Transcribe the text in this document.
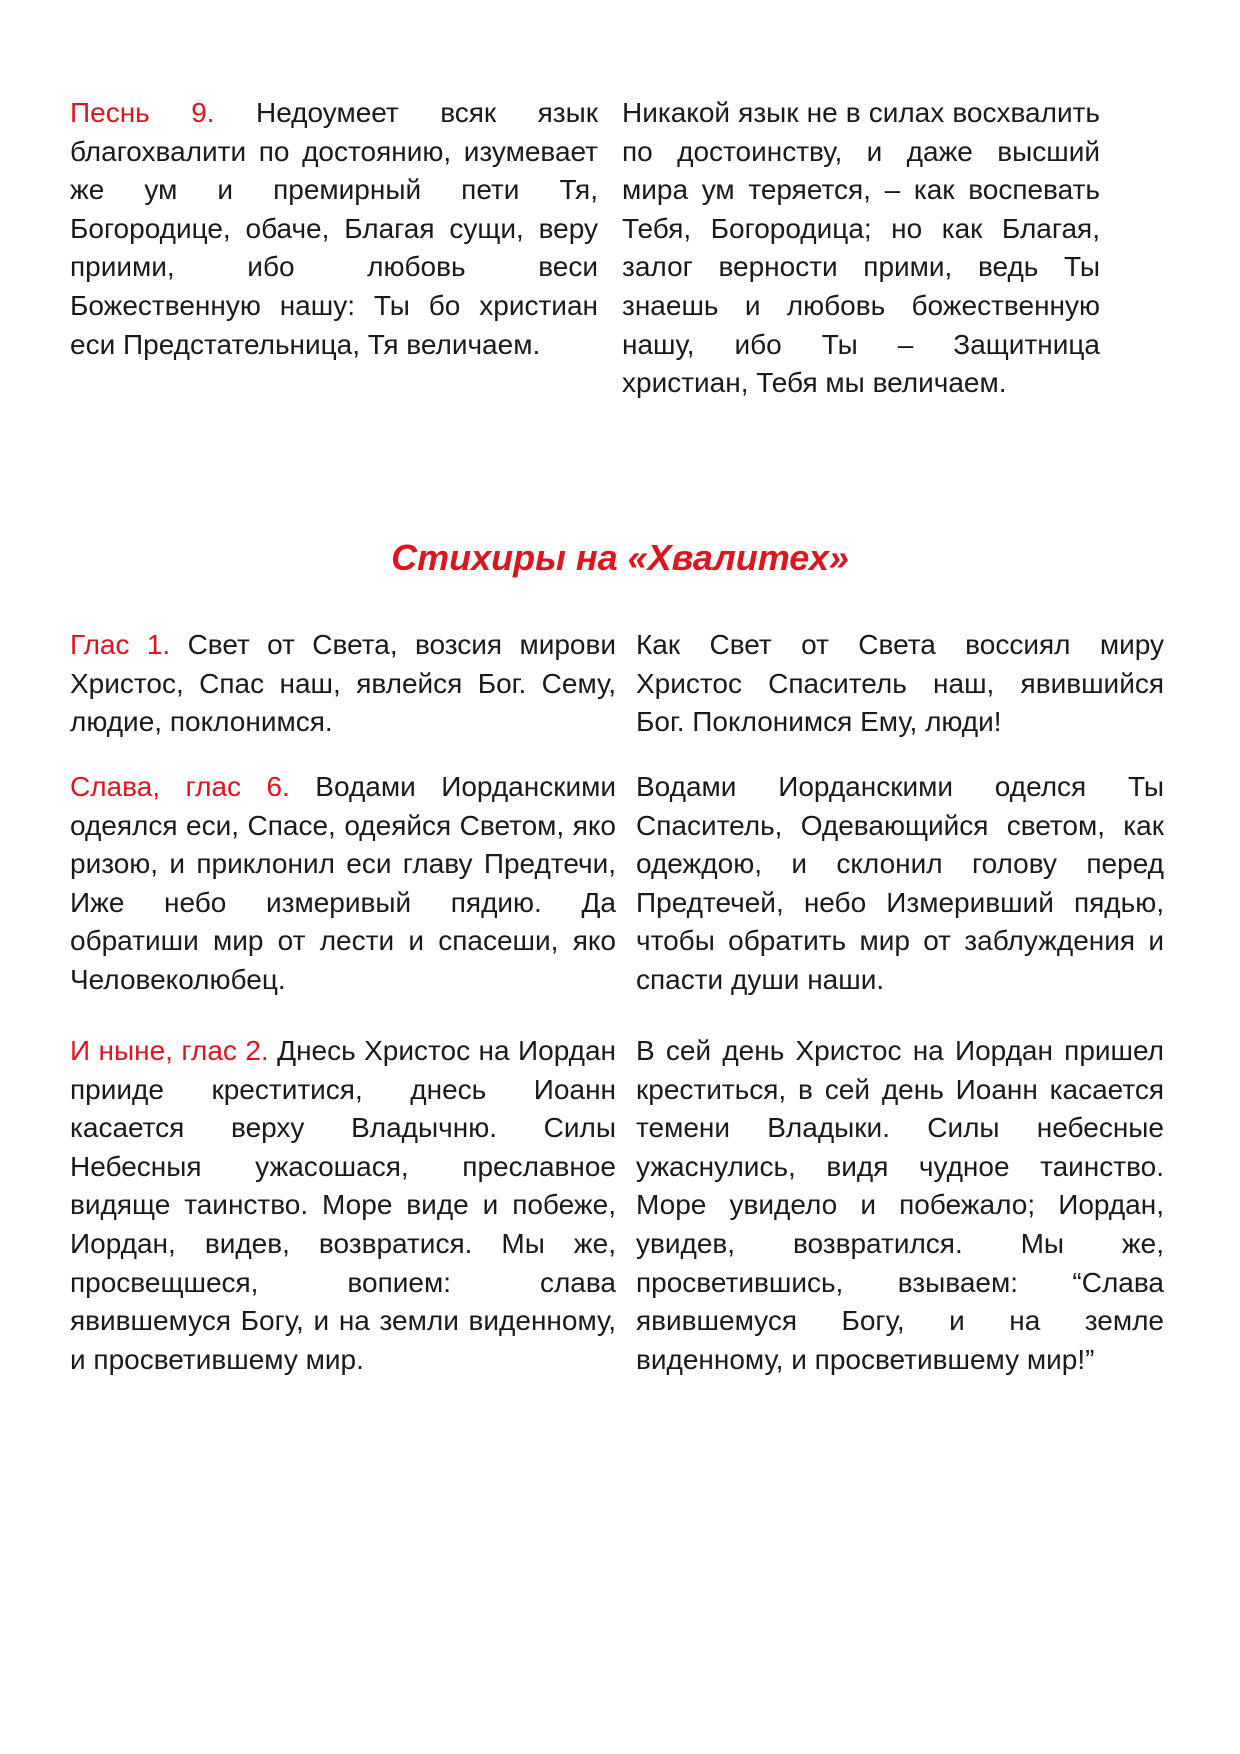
Песнь 9. Недоумеет всяк язык благохвалити по достоянию, изумевает же ум и премирный пети Тя, Богородице, обаче, Благая сущи, веру приими, ибо любовь веси Божественную нашу: Ты бо христиан еси Предстательница, Тя величаем.
Никакой язык не в силах восхвалить по достоинству, и даже высший мира ум теряется, – как воспевать Тебя, Богородица; но как Благая, залог верности прими, ведь Ты знаешь и любовь божественную нашу, ибо Ты – Защитница христиан, Тебя мы величаем.
Стихиры на «Хвалитех»
Глас 1. Свет от Света, возсия мирови Христос, Спас наш, явлейся Бог. Сему, людие, поклонимся.
Как Свет от Света воссиял миру Христос Спаситель наш, явившийся Бог. Поклонимся Ему, люди!
Слава, глас 6. Водами Иорданскими одеялся еси, Спасе, одеяйся Светом, яко ризою, и приклонил еси главу Предтечи, Иже небо измеривый пядию. Да обратиши мир от лести и спасеши, яко Человеколюбец.
Водами Иорданскими оделся Ты Спаситель, Одевающийся светом, как одеждою, и склонил голову перед Предтечей, небо Измеривший пядью, чтобы обратить мир от заблуждения и спасти души наши.
И ныне, глас 2. Днесь Христос на Иордан прииде креститися, днесь Иоанн касается верху Владычню. Силы Небесныя ужасошася, преславное видяще таинство. Море виде и побеже, Иордан, видев, возвратися. Мы же, просвещшеся, вопием: слава явившемуся Богу, и на земли виденному, и просветившему мир.
В сей день Христос на Иордан пришел креститься, в сей день Иоанн касается темени Владыки. Силы небесные ужаснулись, видя чудное таинство. Море увидело и побежало; Иордан, увидев, возвратился. Мы же, просветившись, взываем: “Слава явившемуся Богу, и на земле виденному, и просветившему мир!”
